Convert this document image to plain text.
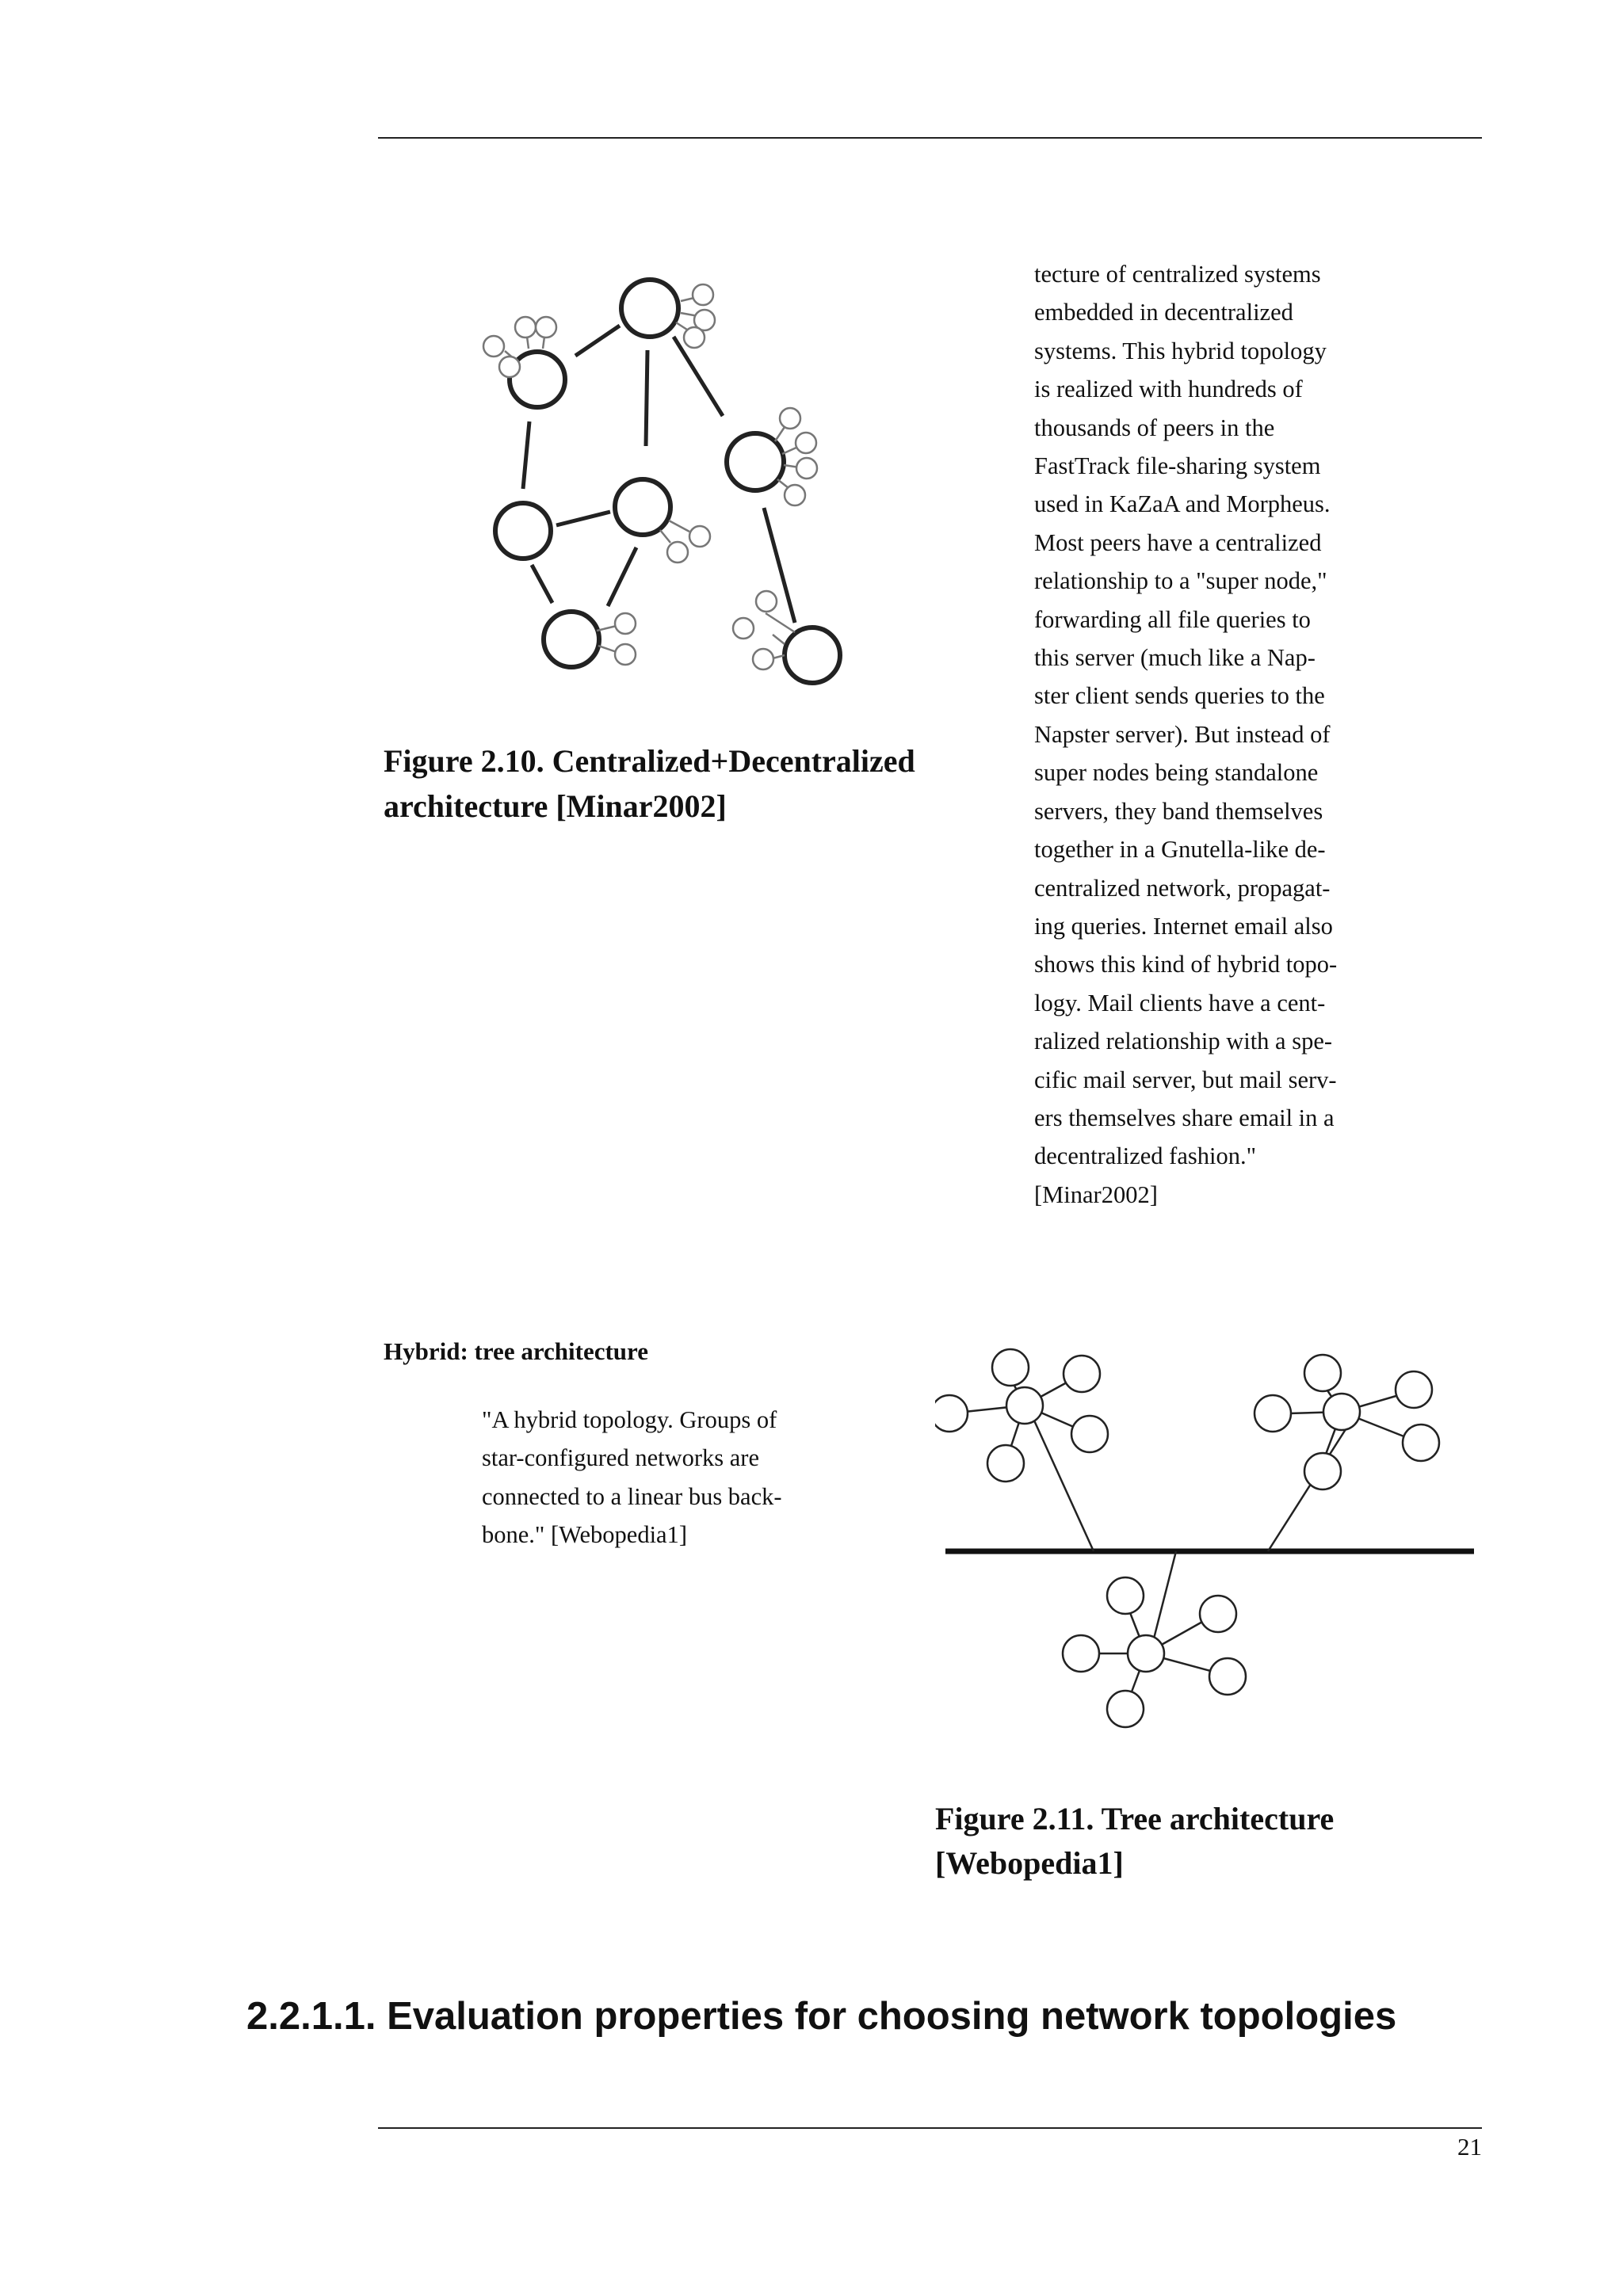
Figure 2.10. Centralized+Decentralized
architecture [Minar2002]
tecture of centralized systems
embedded in decentralized
systems. This hybrid topology
is realized with hundreds of
thousands of peers in the
FastTrack file-sharing system
used in KaZaA and Morpheus.
Most peers have a centralized
relationship to a "super node,"
forwarding all file queries to
this server (much like a Nap-
ster client sends queries to the
Napster server). But instead of
super nodes being standalone
servers, they band themselves
together in a Gnutella-like de-
centralized network, propagat-
ing queries. Internet email also
shows this kind of hybrid topo-
logy. Mail clients have a cent-
ralized relationship with a spe-
cific mail server, but mail serv-
ers themselves share email in a
decentralized fashion."
[Minar2002]
Hybrid: tree architecture
"A hybrid topology. Groups of
star-configured networks are
connected to a linear bus back-
bone." [Webopedia1]
Figure 2.11. Tree architecture
[Webopedia1]
2.2.1.1. Evaluation properties for choosing network topologies
21
